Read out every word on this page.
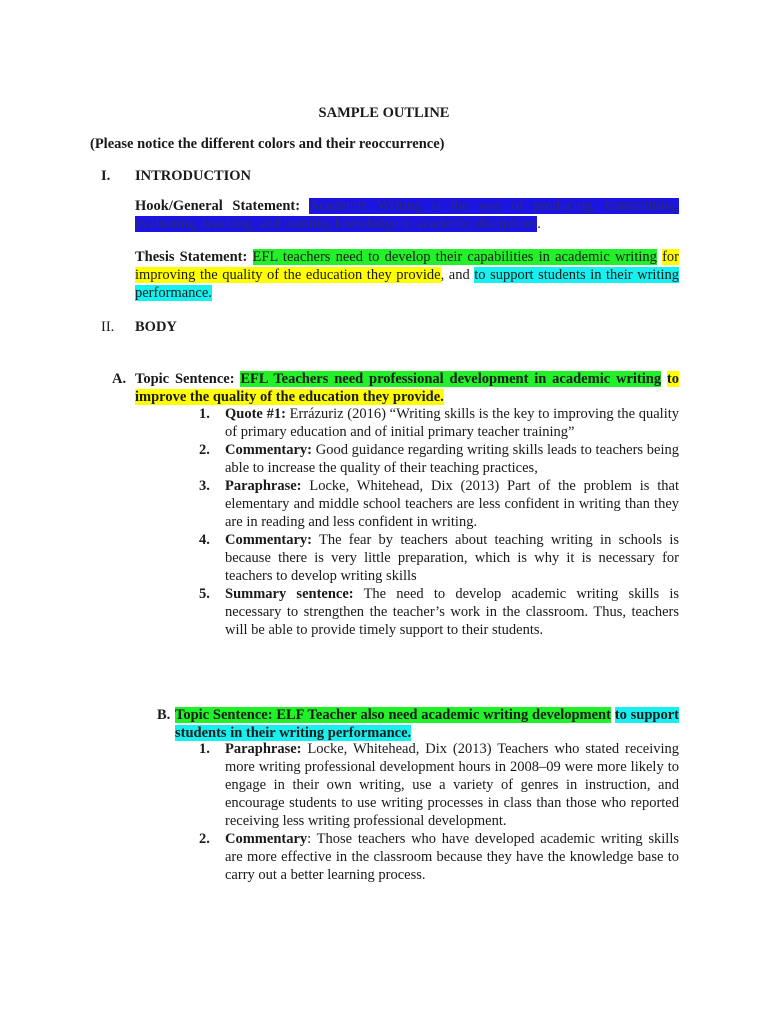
SAMPLE OUTLINE
(Please notice the different colors and their reoccurrence)
I. INTRODUCTION
Hook/General Statement: Academic Writing is the way of producing, transmitting, evaluating, teaching, and learning knowledge in academic disciplines.
Thesis Statement: EFL teachers need to develop their capabilities in academic writing for improving the quality of the education they provide, and to support students in their writing performance.
II. BODY
A. Topic Sentence: EFL Teachers need professional development in academic writing to improve the quality of the education they provide.
1. Quote #1: Errázuriz (2016) “Writing skills is the key to improving the quality of primary education and of initial primary teacher training”
2. Commentary: Good guidance regarding writing skills leads to teachers being able to increase the quality of their teaching practices,
3. Paraphrase: Locke, Whitehead, Dix (2013) Part of the problem is that elementary and middle school teachers are less confident in writing than they are in reading and less confident in writing.
4. Commentary: The fear by teachers about teaching writing in schools is because there is very little preparation, which is why it is necessary for teachers to develop writing skills
5. Summary sentence: The need to develop academic writing skills is necessary to strengthen the teacher’s work in the classroom. Thus, teachers will be able to provide timely support to their students.
B. Topic Sentence: ELF Teacher also need academic writing development to support students in their writing performance.
1. Paraphrase: Locke, Whitehead, Dix (2013) Teachers who stated receiving more writing professional development hours in 2008–09 were more likely to engage in their own writing, use a variety of genres in instruction, and encourage students to use writing processes in class than those who reported receiving less writing professional development.
2. Commentary: Those teachers who have developed academic writing skills are more effective in the classroom because they have the knowledge base to carry out a better learning process.
